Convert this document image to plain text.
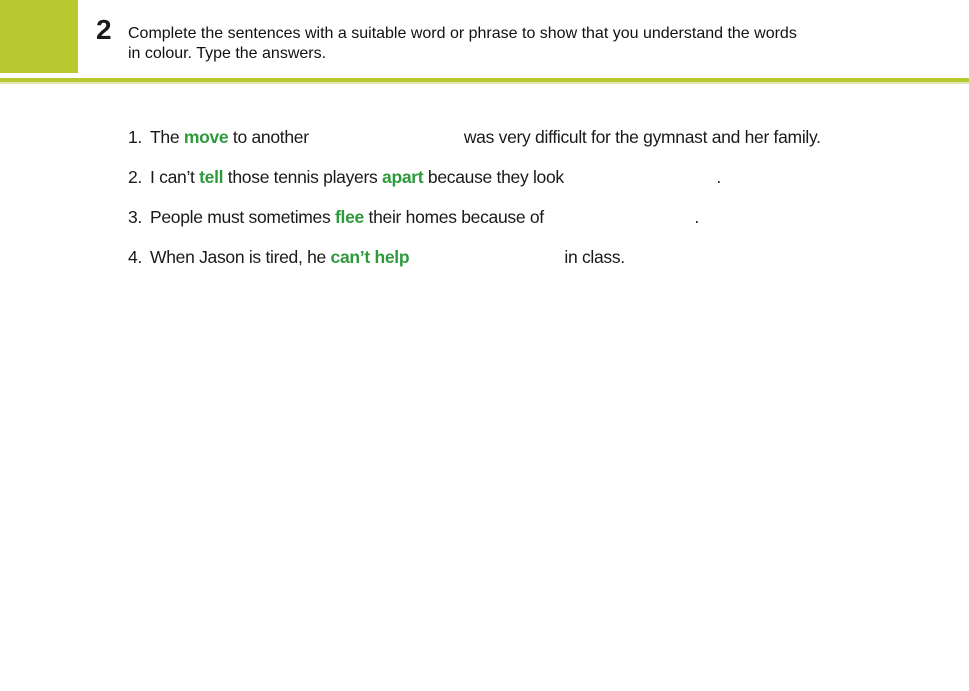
2 Complete the sentences with a suitable word or phrase to show that you understand the words
in colour. Type the answers.
1. The move to another	was very difficult for the gymnast and her family.
2. I can’t tell those tennis players apart because they look	.
3. People must sometimes flee their homes because of	.
4. When Jason is tired, he can’t help	in class.
